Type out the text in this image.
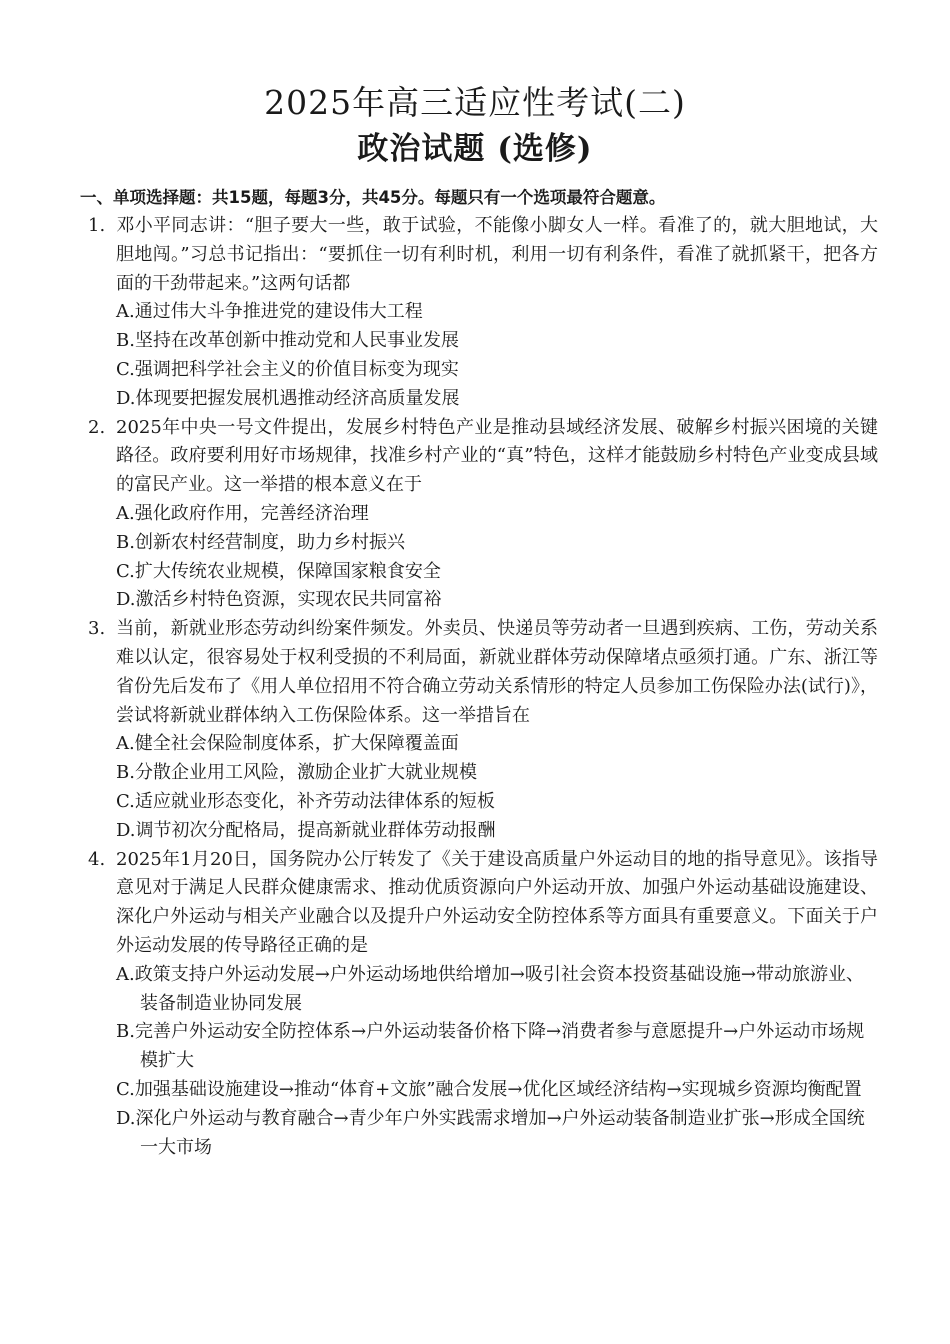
2025年高三适应性考试(二)
政治试题 (选修)
一、单项选择题：共15题，每题3分，共45分。每题只有一个选项最符合题意。
1. 邓小平同志讲：“胆子要大一些，敢于试验，不能像小脚女人一样。看准了的，就大胆地试，大胆地闯。”习总书记指出：“要抓住一切有利时机，利用一切有利条件，看准了就抓紧干，把各方面的干劲带起来。”这两句话都
A.通过伟大斗争推进党的建设伟大工程
B.坚持在改革创新中推动党和人民事业发展
C.强调把科学社会主义的价值目标变为现实
D.体现要把握发展机遇推动经济高质量发展
2. 2025年中央一号文件提出，发展乡村特色产业是推动县域经济发展、破解乡村振兴困境的关键路径。政府要利用好市场规律，找准乡村产业的“真”特色，这样才能鼓励乡村特色产业变成县域的富民产业。这一举措的根本意义在于
A.强化政府作用，完善经济治理
B.创新农村经营制度，助力乡村振兴
C.扩大传统农业规模，保障国家粮食安全
D.激活乡村特色资源，实现农民共同富裕
3. 当前，新就业形态劳动纠纷案件频发。外卖员、快递员等劳动者一旦遇到疾病、工伤，劳动关系难以认定，很容易处于权利受损的不利局面，新就业群体劳动保障堵点亟须打通。广东、浙江等省份先后发布了《用人单位招用不符合确立劳动关系情形的特定人员参加工伤保险办法(试行)》，尝试将新就业群体纳入工伤保险体系。这一举措旨在
A.健全社会保险制度体系，扩大保障覆盖面
B.分散企业用工风险，激励企业扩大就业规模
C.适应就业形态变化，补齐劳动法律体系的短板
D.调节初次分配格局，提高新就业群体劳动报酬
4. 2025年1月20日，国务院办公厅转发了《关于建设高质量户外运动目的地的指导意见》。该指导意见对于满足人民群众健康需求、推动优质资源向户外运动开放、加强户外运动基础设施建设、深化户外运动与相关产业融合以及提升户外运动安全防控体系等方面具有重要意义。下面关于户外运动发展的传导路径正确的是
A.政策支持户外运动发展→户外运动场地供给增加→吸引社会资本投资基础设施→带动旅游业、装备制造业协同发展
B.完善户外运动安全防控体系→户外运动装备价格下降→消费者参与意愿提升→户外运动市场规模扩大
C.加强基础设施建设→推动“体育+文旅”融合发展→优化区域经济结构→实现城乡资源均衡配置
D.深化户外运动与教育融合→青少年户外实践需求增加→户外运动装备制造业扩张→形成全国统一大市场
